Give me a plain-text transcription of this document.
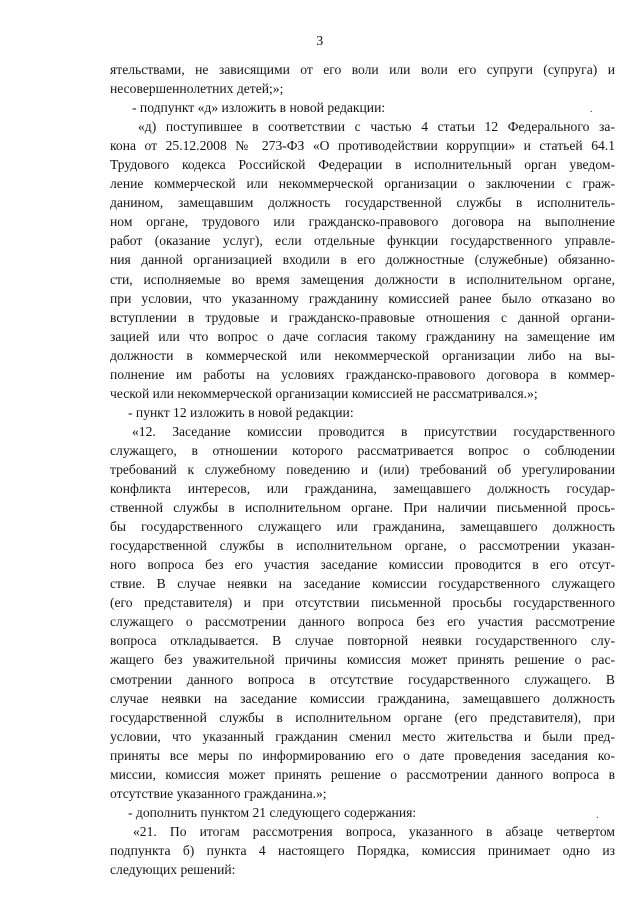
3
.
.
ятельствами, не зависящими от его воли или воли его супруги (супруга) и
несовершеннолетних детей;»;
- подпункт «д» изложить в новой редакции:
«д) поступившее в соответствии с частью 4 статьи 12 Федерального за-
кона от 25.12.2008 № 273-ФЗ «О противодействии коррупции» и статьей 64.1
Трудового кодекса Российской Федерации в исполнительный орган уведом-
ление коммерческой или некоммерческой организации о заключении с граж-
данином, замещавшим должность государственной службы в исполнитель-
ном органе, трудового или гражданско-правового договора на выполнение
работ (оказание услуг), если отдельные функции государственного управле-
ния данной организацией входили в его должностные (служебные) обязанно-
сти, исполняемые во время замещения должности в исполнительном органе,
при условии, что указанному гражданину комиссией ранее было отказано во
вступлении в трудовые и гражданско-правовые отношения с данной органи-
зацией или что вопрос о даче согласия такому гражданину на замещение им
должности в коммерческой или некоммерческой организации либо на вы-
полнение им работы на условиях гражданско-правового договора в коммер-
ческой или некоммерческой организации комиссией не рассматривался.»;
- пункт 12 изложить в новой редакции:
«12. Заседание комиссии проводится в присутствии государственного
служащего, в отношении которого рассматривается вопрос о соблюдении
требований к служебному поведению и (или) требований об урегулировании
конфликта интересов, или гражданина, замещавшего должность государ-
ственной службы в исполнительном органе. При наличии письменной прось-
бы государственного служащего или гражданина, замещавшего должность
государственной службы в исполнительном органе, о рассмотрении указан-
ного вопроса без его участия заседание комиссии проводится в его отсут-
ствие. В случае неявки на заседание комиссии государственного служащего
(его представителя) и при отсутствии письменной просьбы государственного
служащего о рассмотрении данного вопроса без его участия рассмотрение
вопроса откладывается. В случае повторной неявки государственного слу-
жащего без уважительной причины комиссия может принять решение о рас-
смотрении данного вопроса в отсутствие государственного служащего. В
случае неявки на заседание комиссии гражданина, замещавшего должность
государственной службы в исполнительном органе (его представителя), при
условии, что указанный гражданин сменил место жительства и были пред-
приняты все меры по информированию его о дате проведения заседания ко-
миссии, комиссия может принять решение о рассмотрении данного вопроса в
отсутствие указанного гражданина.»;
- дополнить пунктом 21 следующего содержания:
«21. По итогам рассмотрения вопроса, указанного в абзаце четвертом
подпункта б) пункта 4 настоящего Порядка, комиссия принимает одно из
следующих решений:
